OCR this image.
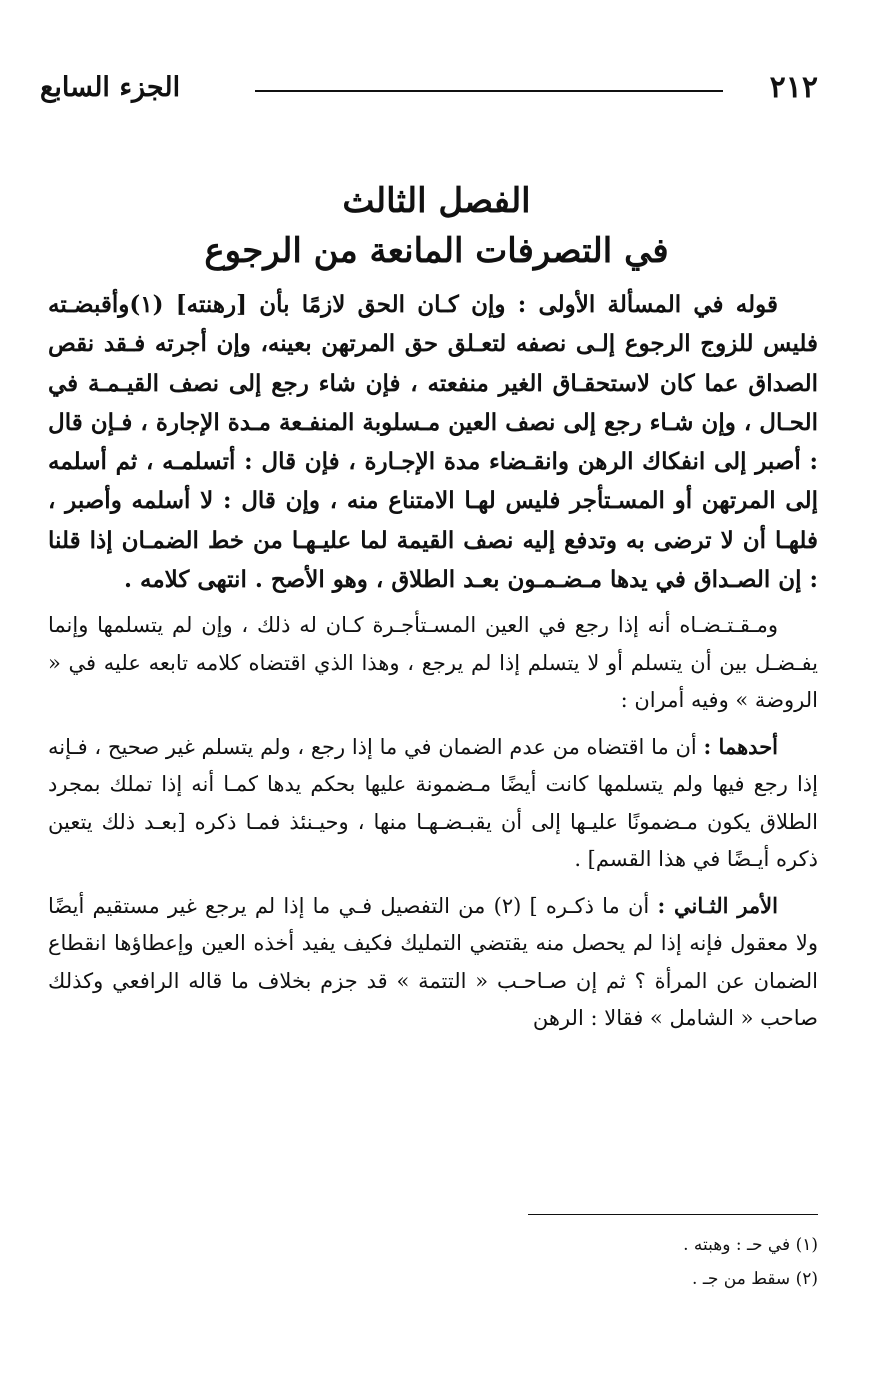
٢١٢
الجزء السابع
الفصل الثالث
في التصرفات المانعة من الرجوع

قوله في المسألة الأولى : وإن كـان الحق لازمًا بأن [رهنته] (١)وأقبضـته فليس للزوج الرجوع إلـى نصفه لتعـلق حق المرتهن بعينه، وإن أجرته فـقد نقص الصداق عما كان لاستحقـاق الغير منفعته ، فإن شاء رجع إلى نصف القيـمـة في الحـال ، وإن شـاء رجع إلى نصف العين مـسلوبة المنفـعة مـدة الإجارة ، فـإن قال : أصبر إلى انفكاك الرهن وانقـضاء مدة الإجـارة ، فإن قال : أتسلمـه ، ثم أسلمه إلى المرتهن أو المسـتأجر فليس لهـا الامتناع منه ، وإن قال : لا أسلمه وأصبر ، فلهـا أن لا ترضى به وتدفع إليه نصف القيمة لما عليـهـا من خط الضمـان إذا قلنا : إن الصـداق في يدها مـضـمـون بعـد الطلاق ، وهو الأصح . انتهى كلامه .

ومـقـتـضـاه أنه إذا رجع في العين المسـتأجـرة كـان له ذلك ، وإن لم يتسلمها وإنما يفـضـل بين أن يتسلم أو لا يتسلم إذا لم يرجع ، وهذا الذي اقتضاه كلامه تابعه عليه في « الروضة » وفيه أمران :

أحدهما : أن ما اقتضاه من عدم الضمان في ما إذا رجع ، ولم يتسلم غير صحيح ، فـإنه إذا رجع فيها ولم يتسلمها كانت أيضًا مـضمونة عليها بحكم يدها كمـا أنه إذا تملك بمجرد الطلاق يكون مـضمونًا عليـها إلى أن يقبـضـهـا منها ، وحيـنئذ فمـا ذكره [بعـد ذلك يتعين ذكره أيـضًا في هذا القسم] .

الأمر الثـاني : أن ما ذكـره ] (٢) من التفصيل فـي ما إذا لم يرجع غير مستقيم أيضًا ولا معقول فإنه إذا لم يحصل منه يقتضي التمليك فكيف يفيد أخذه العين وإعطاؤها انقطاع الضمان عن المرأة ؟ ثم إن صـاحـب « التتمة » قد جزم بخلاف ما قاله الرافعي وكذلك صاحب « الشامل » فقالا : الرهن

(١) في حـ : وهبته .

(٢) سقط من جـ .
